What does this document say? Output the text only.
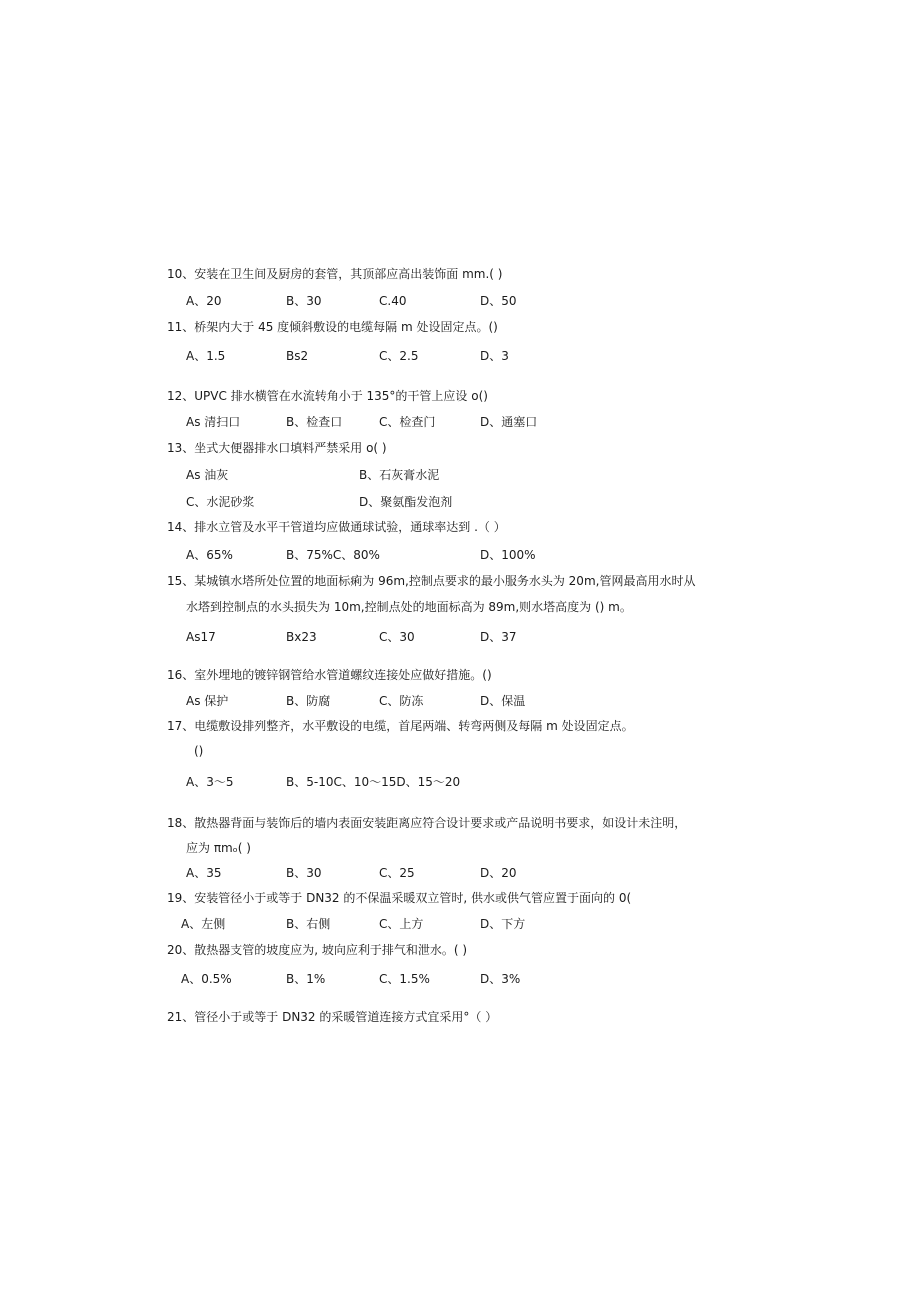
10、安装在卫生间及厨房的套管，其顶部应高出装饰面 mm.( )
A、20	B、30	C.40	D、50
11、桥架内大于 45 度倾斜敷设的电缆每隔 m 处设固定点。()
A、1.5	Bs2	C、2.5	D、3
12、UPVC 排水横管在水流转角小于 135°的干管上应设 o()
As 清扫口	B、检查口	C、检查门	D、通塞口
13、坐式大便器排水口填料严禁采用 o( )
As 油灰	B、石灰膏水泥
C、水泥砂浆	D、聚氨酯发泡剂
14、排水立管及水平干管道均应做通球试验，通球率达到 .（ ）
A、65%	B、75%C、80%	D、100%
15、某城镇水塔所处位置的地面标痢为 96m,控制点要求的最小服务水头为 20m,管网最高用水时从
水塔到控制点的水头损失为 10m,控制点处的地面标高为 89m,则水塔高度为 () m。
As17	Bx23	C、30	D、37
16、室外埋地的镀锌钢管给水管道螺纹连接处应做好措施。()
As 保护	B、防腐	C、防冻	D、保温
17、电缆敷设排列整齐，水平敷设的电缆，首尾两端、转弯两侧及每隔 m 处设固定点。
()
A、3～5	B、5-10C、10～15D、15～20
18、散热器背面与装饰后的墙内表面安装距离应符合设计要求或产品说明书要求，如设计未注明，
应为 πmₒ( )
A、35	B、30	C、25	D、20
19、安装管径小于或等于 DN32 的不保温采暖双立管时, 供水或供气管应置于面向的 0(
A、左侧	B、右侧	C、上方	D、下方
20、散热器支管的坡度应为, 坡向应利于排气和泄水。( )
A、0.5%	B、1%	C、1.5%	D、3%
21、管径小于或等于 DN32 的采暖管道连接方式宜采用°（ ）
